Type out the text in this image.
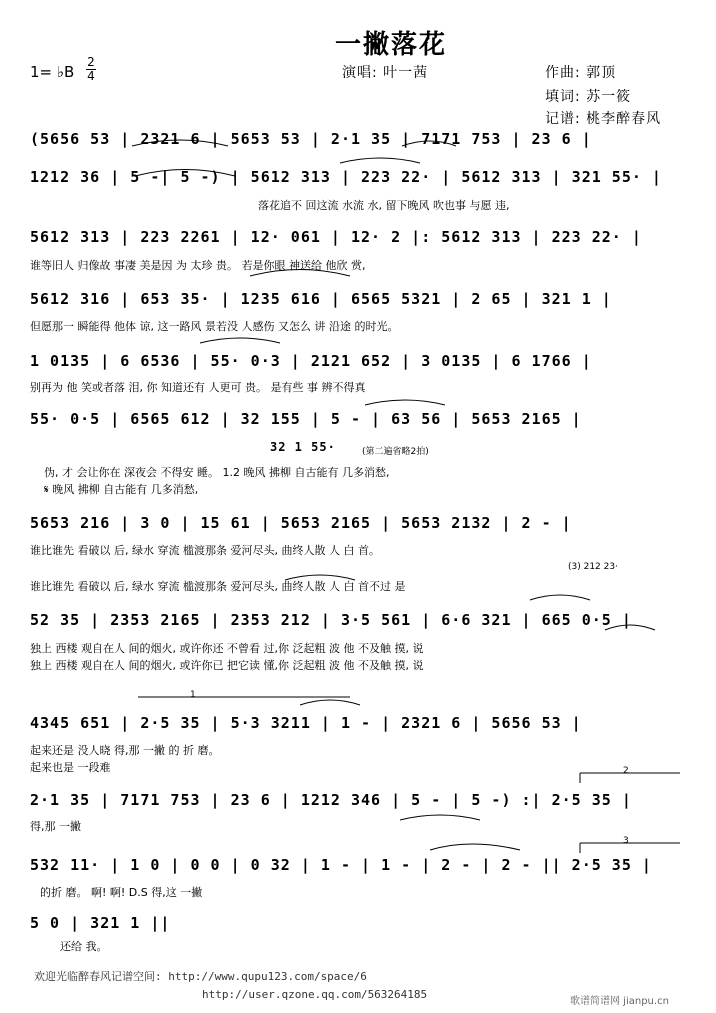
一撇落花
1= ♭B
2
4	演唱: 叶一茜	作曲: 郭顶
填词: 苏一筱
记谱: 桃李醉春风
(5656 53 | 2321 6 | 5653 53 | 2·1 35 | 7171 753 | 23 6 |
1212 36 | 5 -| 5 -) | 5612 313 | 223 22· | 5612 313 | 321 55· |
落花追不 回这流 水流 水, 留下晚风 吹也事 与愿 违,
5612 313 | 223 2261 | 12· 061 | 12· 2 |: 5612 313 | 223 22· |
谁等旧人 归像故 事凄 美是因 为 太珍 贵。 若是你眼 神送给 他欣 赏,
5612 316 | 653 35· | 1235 616 | 6565 5321 | 2 65 | 321 1 |
但愿那一 瞬能得 他体 谅, 这一路风 景若没 人感伤 又怎么 讲 沿途 的时光。
1 0135 | 6 6536 | 55· 0·3 | 2121 652 | 3 0135 | 6 1766 |
别再为 他 笑或者落 泪, 你 知道还有 人更可 贵。 是有些 事 辨不得真
55· 0·5 | 6565 612 | 32 155 | 5 - | 63 56 | 5653 2165 |
32 1 55·	(第二遍省略2拍)
伪, 才 会让你在 深夜会 不得安 睡。 1.2 晚风 拂柳 自古能有 几多消愁,
𝄋 晚风 拂柳 自古能有 几多消愁,
5653 216 | 3 0 | 15 61 | 5653 2165 | 5653 2132 | 2 - |
谁比谁先 看破以 后, 绿水 穿流 槛渡那条 爱河尽头, 曲终人散 人 白 首。
(3) 212 23·
谁比谁先 看破以 后, 绿水 穿流 槛渡那条 爱河尽头, 曲终人散 人 白 首不过 是
52 35 | 2353 2165 | 2353 212 | 3·5 561 | 6·6 321 | 665 0·5 |
独上 西楼 观自在人 间的烟火, 或许你还 不曾看 过,你 泛起粗 波 他 不及触 摸, 说
独上 西楼 观自在人 间的烟火, 或许你已 把它读 懂,你 泛起粗 波 他 不及触 摸, 说
1
4345 651 | 2·5 35 | 5·3 3211 | 1 - | 2321 6 | 5656 53 |
起来还是 没人晓 得,那 一撇 的 折 磨。
起来也是 一段难	2
2·1 35 | 7171 753 | 23 6 | 1212 346 | 5 - | 5 -) :| 2·5 35 |
得,那 一撇
3
532 11· | 1 0 | 0 0 | 0 32 | 1 - | 1 - | 2 - | 2 - || 2·5 35 |
的折 磨。 啊! 啊! D.S 得,这 一撇
5 0 | 321 1 ||
还给 我。
欢迎光临醉春风记谱空间: http://www.qupu123.com/space/6
http://user.qzone.qq.com/563264185
歌谱简谱网 jianpu.cn
